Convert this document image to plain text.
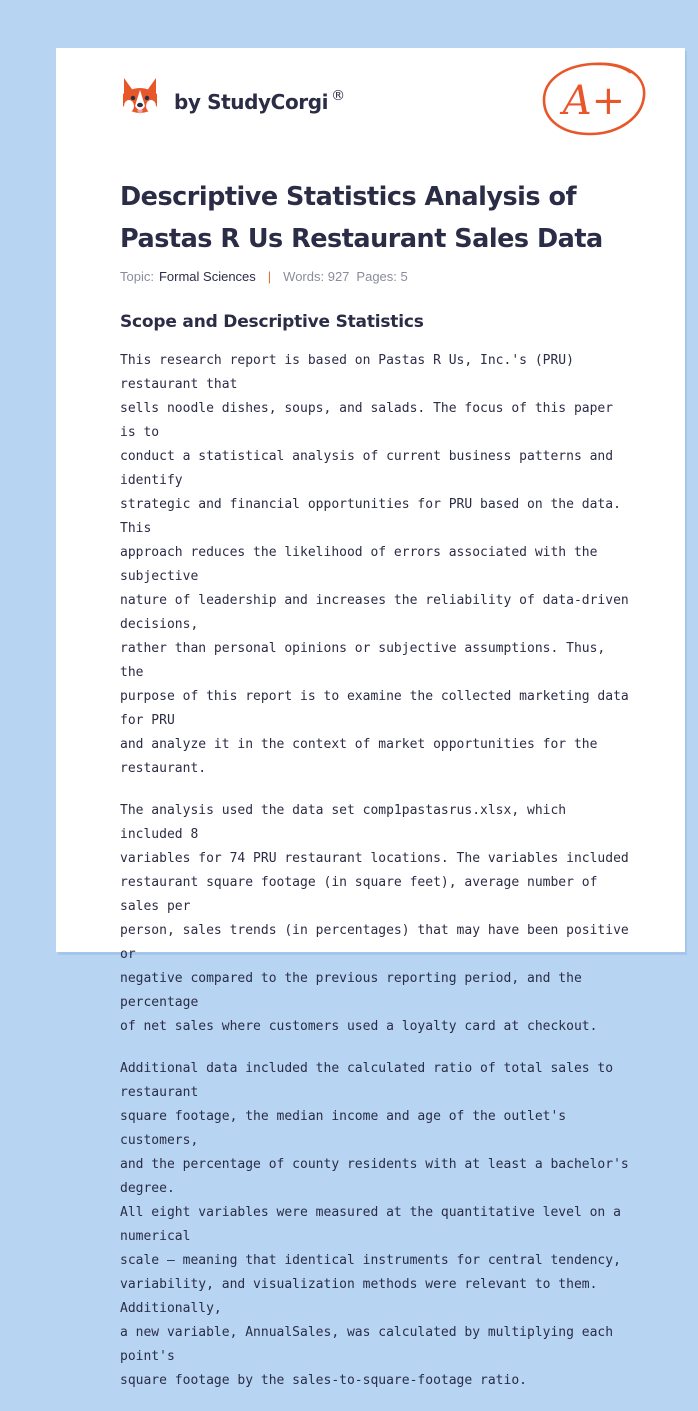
by StudyCorgi ®	A+
Descriptive Statistics Analysis of Pastas R Us Restaurant Sales Data
Topic: Formal Sciences | Words: 927 Pages: 5
Scope and Descriptive Statistics

This research report is based on Pastas R Us, Inc.'s (PRU) restaurant that
sells noodle dishes, soups, and salads. The focus of this paper is to
conduct a statistical analysis of current business patterns and identify
strategic and financial opportunities for PRU based on the data. This
approach reduces the likelihood of errors associated with the subjective
nature of leadership and increases the reliability of data-driven decisions,
rather than personal opinions or subjective assumptions. Thus, the
purpose of this report is to examine the collected marketing data for PRU
and analyze it in the context of market opportunities for the restaurant.

The analysis used the data set comp1pastasrus.xlsx, which included 8
variables for 74 PRU restaurant locations. The variables included
restaurant square footage (in square feet), average number of sales per
person, sales trends (in percentages) that may have been positive or
negative compared to the previous reporting period, and the percentage
of net sales where customers used a loyalty card at checkout.

Additional data included the calculated ratio of total sales to restaurant
square footage, the median income and age of the outlet's customers,
and the percentage of county residents with at least a bachelor's degree.
All eight variables were measured at the quantitative level on a numerical
scale — meaning that identical instruments for central tendency,
variability, and visualization methods were relevant to them. Additionally,
a new variable, AnnualSales, was calculated by multiplying each point's
square footage by the sales-to-square-footage ratio.
